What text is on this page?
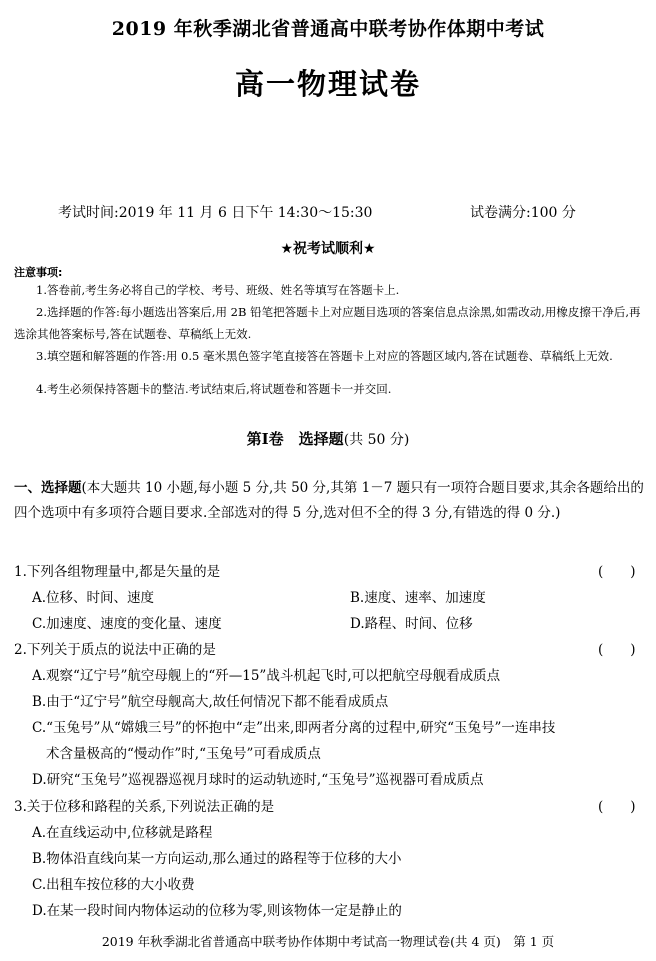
2019 年秋季湖北省普通高中联考协作体期中考试
高一物理试卷
考试时间:2019 年 11 月 6 日下午 14:30～15:30	试卷满分:100 分
★祝考试顺利★
注意事项:
1.答卷前,考生务必将自己的学校、考号、班级、姓名等填写在答题卡上.
2.选择题的作答:每小题选出答案后,用 2B 铅笔把答题卡上对应题目选项的答案信息点涂黑,如需改动,用橡皮擦干净后,再选涂其他答案标号,答在试题卷、草稿纸上无效.
3.填空题和解答题的作答:用 0.5 毫米黑色签字笔直接答在答题卡上对应的答题区域内,答在试题卷、草稿纸上无效.
4.考生必须保持答题卡的整洁.考试结束后,将试题卷和答题卡一并交回.
第Ⅰ卷　选择题(共 50 分)
一、选择题(本大题共 10 小题,每小题 5 分,共 50 分,其第 1－7 题只有一项符合题目要求,其余各题给出的四个选项中有多项符合题目要求.全部选对的得 5 分,选对但不全的得 3 分,有错选的得 0 分.)
1.下列各组物理量中,都是矢量的是	(　　)
A.位移、时间、速度	B.速度、速率、加速度
C.加速度、速度的变化量、速度	D.路程、时间、位移
2.下列关于质点的说法中正确的是	(　　)
A.观察“辽宁号”航空母舰上的“歼—15”战斗机起飞时,可以把航空母舰看成质点
B.由于“辽宁号”航空母舰高大,故任何情况下都不能看成质点
C.“玉兔号”从“嫦娥三号”的怀抱中“走”出来,即两者分离的过程中,研究“玉兔号”一连串技
术含量极高的“慢动作”时,“玉兔号”可看成质点
D.研究“玉兔号”巡视器巡视月球时的运动轨迹时,“玉兔号”巡视器可看成质点
3.关于位移和路程的关系,下列说法正确的是	(　　)
A.在直线运动中,位移就是路程
B.物体沿直线向某一方向运动,那么通过的路程等于位移的大小
C.出租车按位移的大小收费
D.在某一段时间内物体运动的位移为零,则该物体一定是静止的
2019 年秋季湖北省普通高中联考协作体期中考试高一物理试卷(共 4 页)　第 1 页
